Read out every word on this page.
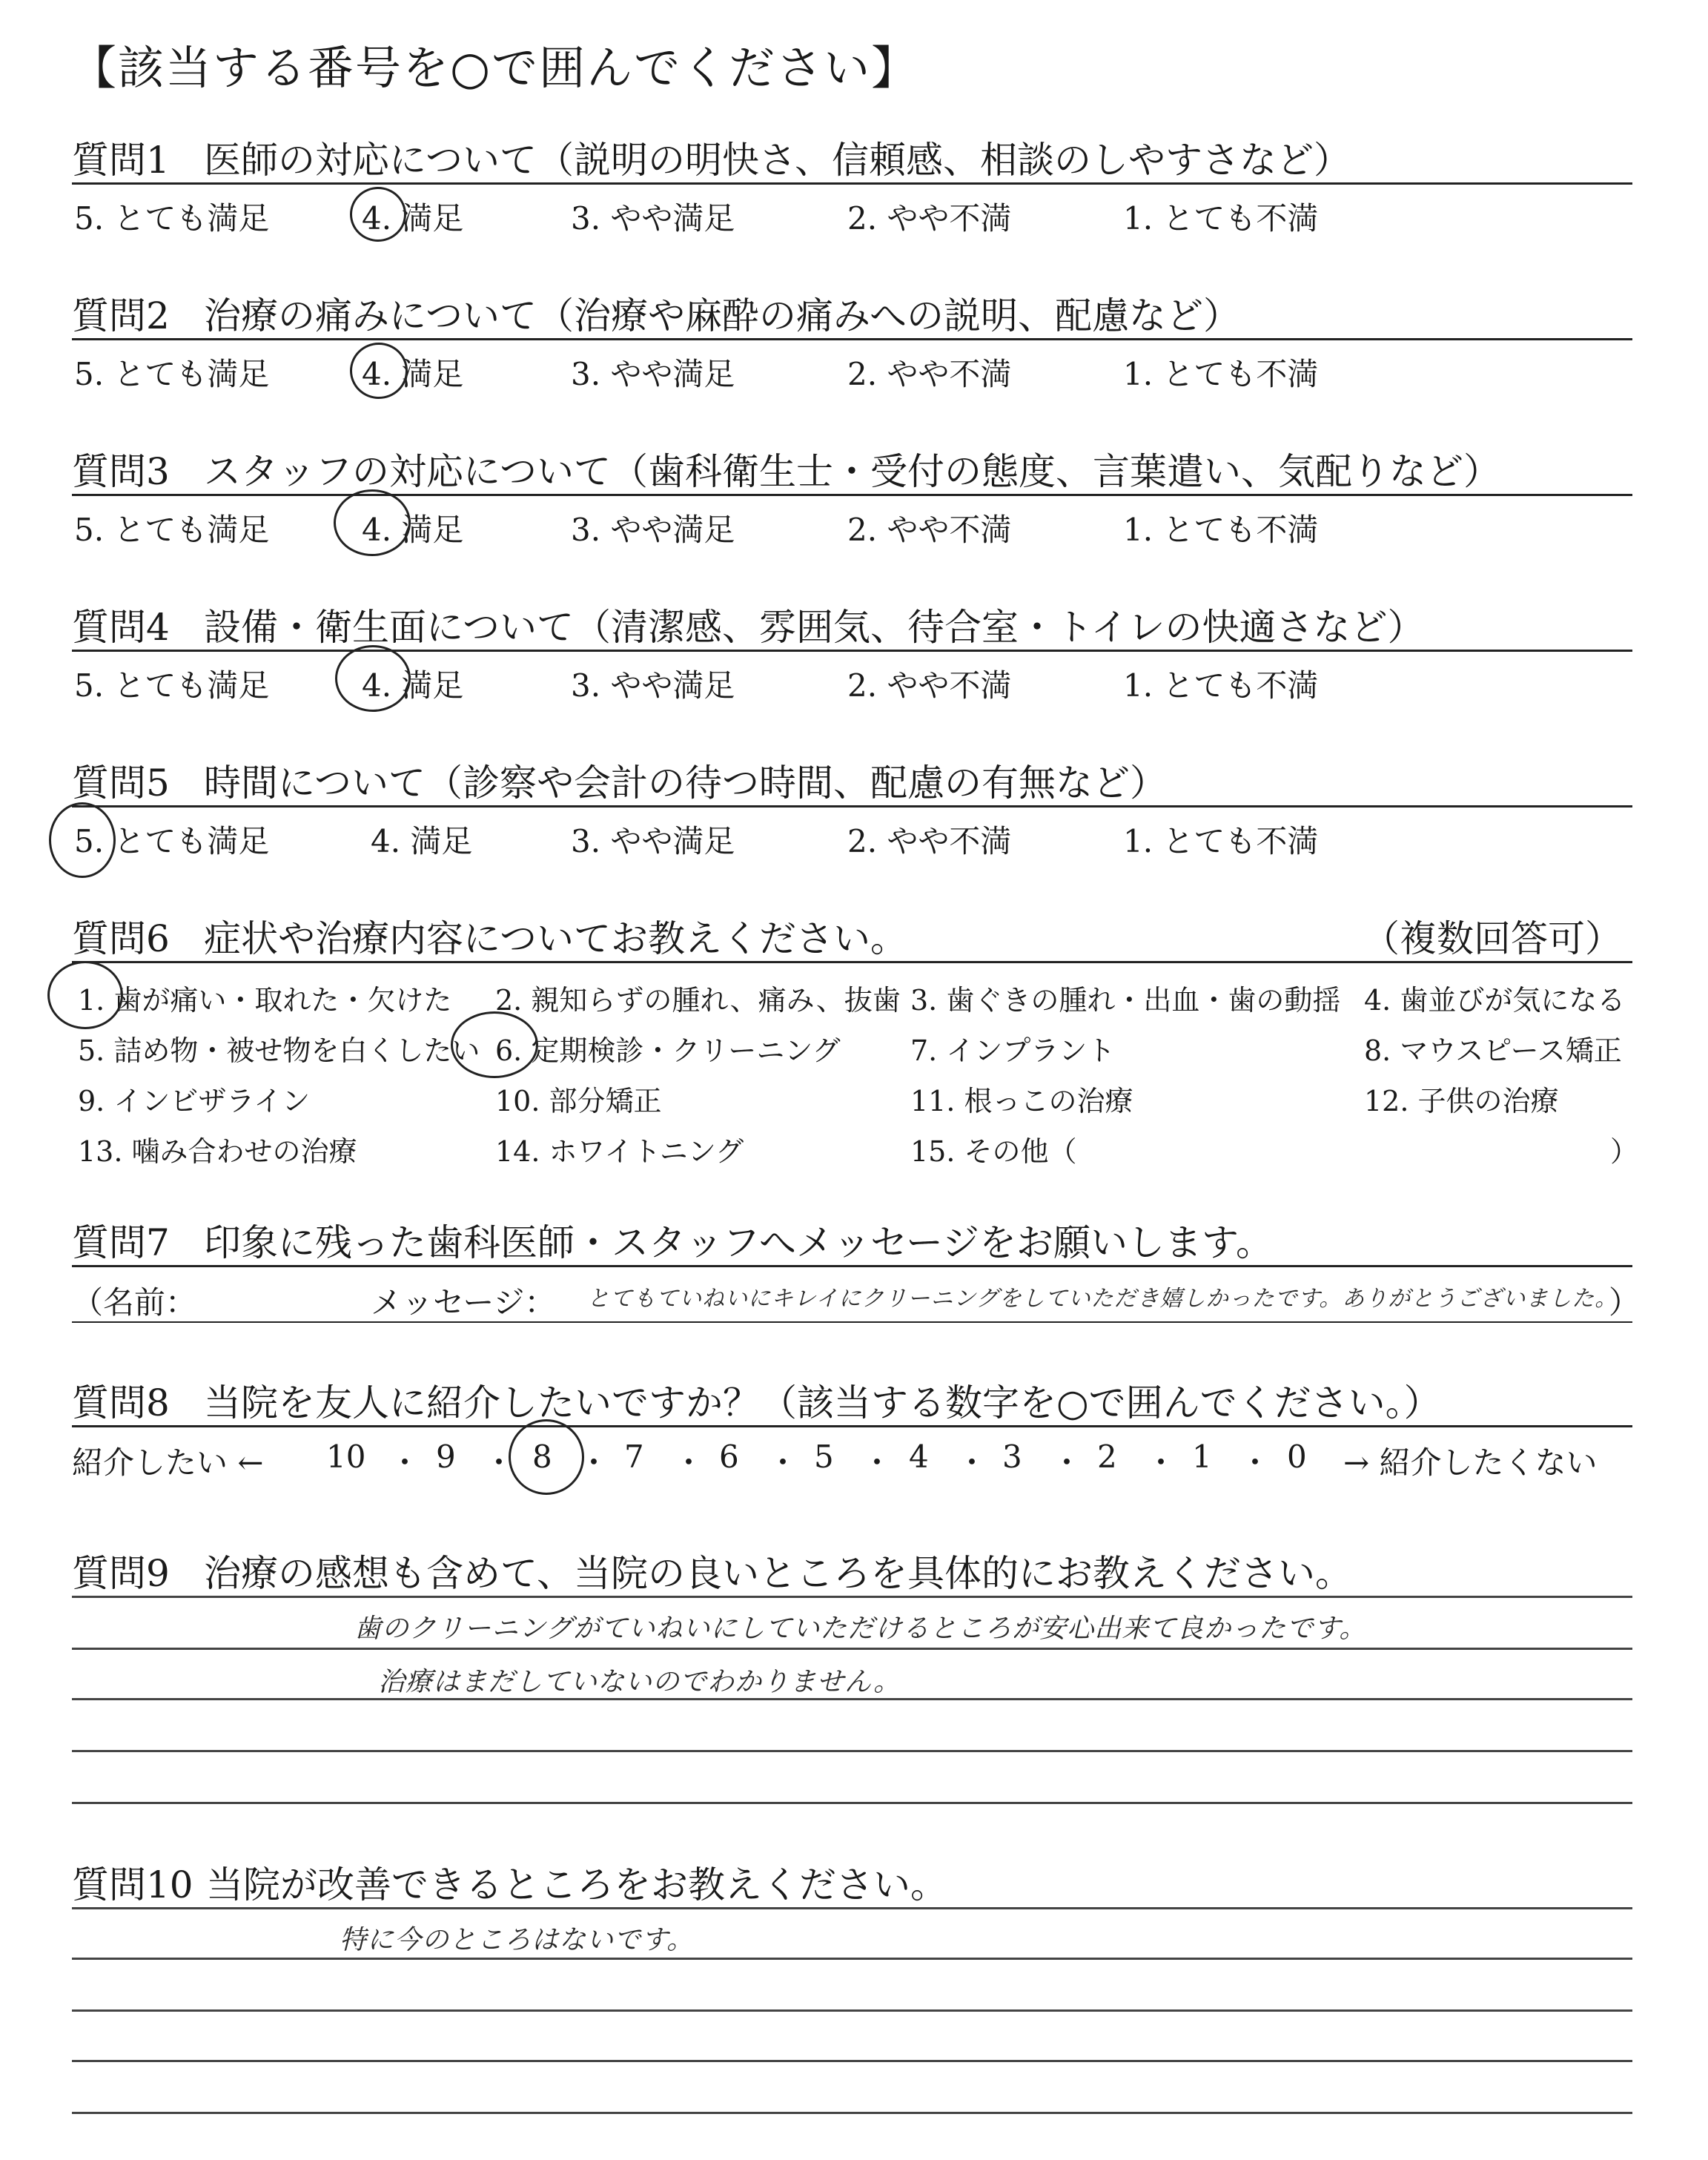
【該当する番号を○で囲んでください】
質問1 医師の対応について（説明の明快さ、信頼感、相談のしやすさなど）
5. とても満足	4. 満足	3. やや満足	2. やや不満	1. とても不満
質問2 治療の痛みについて（治療や麻酔の痛みへの説明、配慮など）
5. とても満足	4. 満足	3. やや満足	2. やや不満	1. とても不満
質問3 スタッフの対応について（歯科衛生士・受付の態度、言葉遣い、気配りなど）
5. とても満足	4. 満足	3. やや満足	2. やや不満	1. とても不満
質問4 設備・衛生面について（清潔感、雰囲気、待合室・トイレの快適さなど）
5. とても満足	4. 満足	3. やや満足	2. やや不満	1. とても不満
質問5 時間について（診察や会計の待つ時間、配慮の有無など）
5. とても満足	4. 満足	3. やや満足	2. やや不満	1. とても不満
質問6 症状や治療内容についてお教えください。	（複数回答可）
1. 歯が痛い・取れた・欠けた 2. 親知らずの腫れ、痛み、抜歯 3. 歯ぐきの腫れ・出血・歯の動揺 4. 歯並びが気になる
5. 詰め物・被せ物を白くしたい 6. 定期検診・クリーニング 7. インプラント	8. マウスピース矯正
9. インビザライン	10. 部分矯正	11. 根っこの治療	12. 子供の治療
13. 噛み合わせの治療	14. ホワイトニング	15. その他（	）
質問7 印象に残った歯科医師・スタッフへメッセージをお願いします。
（名前：	メッセージ： とてもていねいにキレイにクリーニングをしていただき嬉しかったです。ありがとうございました。
）
質問8 当院を友人に紹介したいですか？（該当する数字を○で囲んでください。）
紹介したい ← 10 ・ 9 ・ 8 ・ 7 ・ 6 ・ 5 ・ 4 ・ 3 ・ 2 ・ 1 ・ 0 → 紹介したくない
質問9 治療の感想も含めて、当院の良いところを具体的にお教えください。
歯のクリーニングがていねいにしていただけるところが安心出来て良かったです。
治療はまだしていないのでわかりません。
質問10 当院が改善できるところをお教えください。
特に今のところはないです。
